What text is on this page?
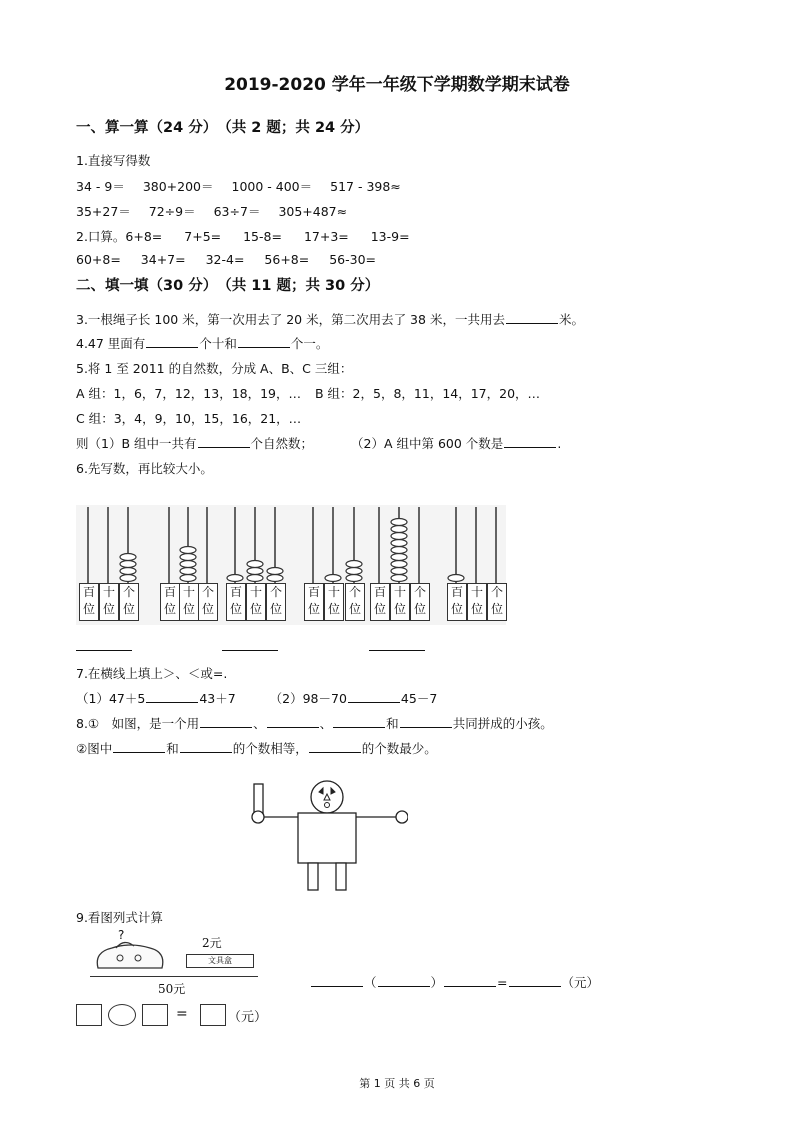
2019-2020 学年一年级下学期数学期末试卷
一、算一算（24 分）　（共 2 题；共 24 分）
1.直接写得数
34 - 9＝ 380+200＝ 1000 - 400＝ 517 - 398≈
35+27＝ 72÷9＝ 63÷7＝ 305+487≈
2.口算。6+8= 7+5= 15-8= 17+3= 13-9=
60+8= 34+7= 32-4= 56+8= 56-30=
二、填一填（30 分）　（共 11 题；共 30 分）
3.一根绳子长 100 米，第一次用去了 20 米，第二次用去了 38 米，一共用去	米。
4.47 里面有	个十和	个一。
5.将 1 至 2011 的自然数，分成 A、B、C 三组：
A 组：1，6，7，12，13，18，19，… B 组：2，5，8，11，14，17，20，…
C 组：3，4，9，10，15，16，21，…
则（1）B 组中一共有	个自然数；	（2）A 组中第 600 个数是	.
6.先写数，再比较大小。
百位
十位
个位
百位
十位
个位
百位
十位
个位
百位
十位
个位
百位
十位
个位
百位
十位
个位
7.在横线上填上＞、＜或=.
（1）47＋5	43＋7	（2）98－70	45－7
8.①　如图，是一个用	、	、	和	共同拼成的小孩。
②图中	和	的个数相等，	的个数最少。
9.看图列式计算
?
2元
文具盒
50元	（	）	=	（元）
=	（元）
第 1 页 共 6 页
